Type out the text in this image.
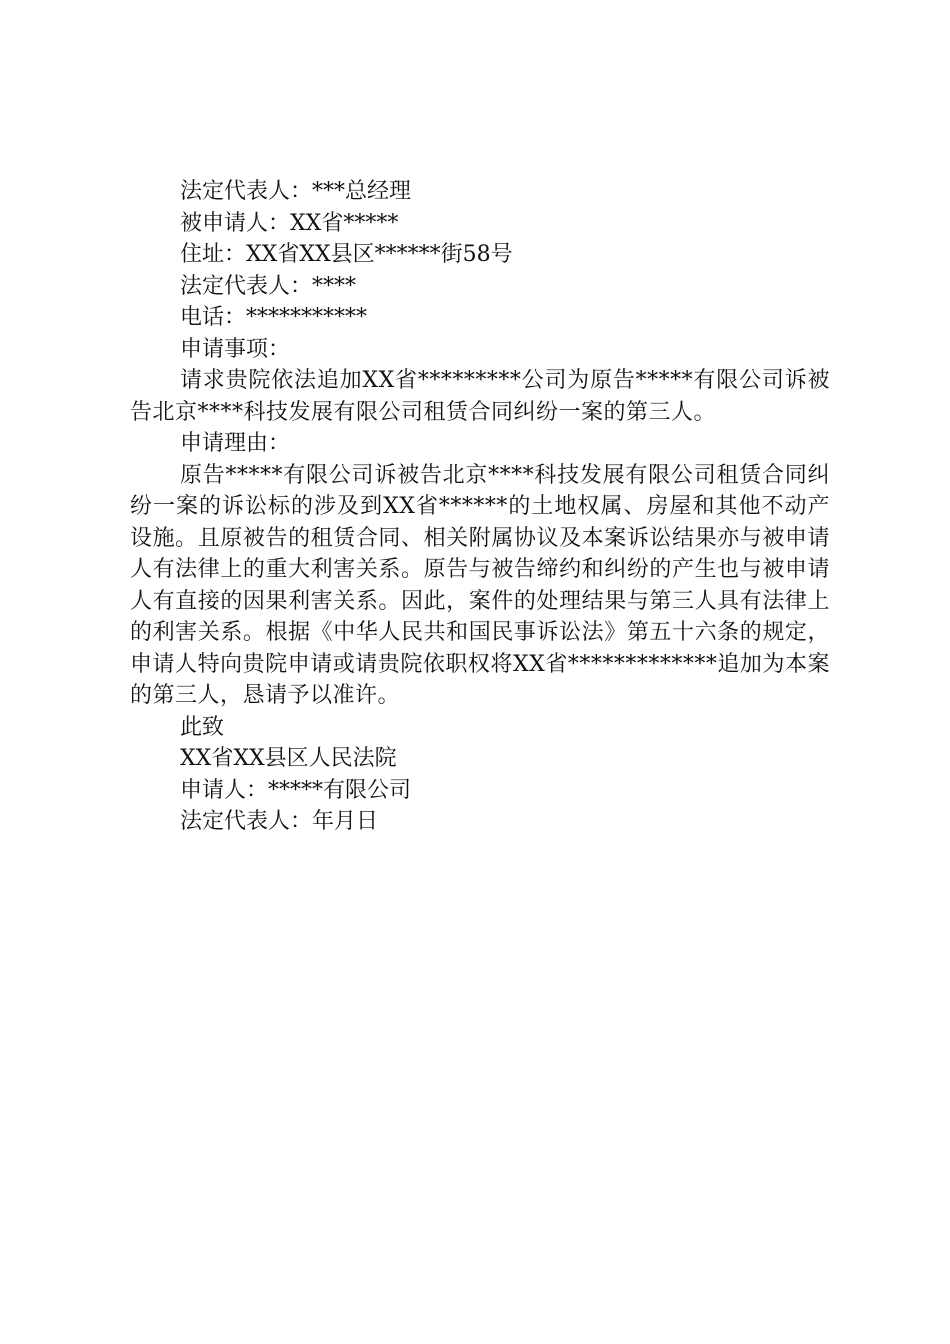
法定代表人：***总经理

被申请人：XX省*****

住址：XX省XX县区******街58号

法定代表人：****

电话：***********

申请事项：

请求贵院依法追加XX省*********公司为原告*****有限公司诉被告北京****科技发展有限公司租赁合同纠纷一案的第三人。

申请理由：

原告*****有限公司诉被告北京****科技发展有限公司租赁合同纠纷一案的诉讼标的涉及到XX省******的土地权属、房屋和其他不动产设施。且原被告的租赁合同、相关附属协议及本案诉讼结果亦与被申请人有法律上的重大利害关系。原告与被告缔约和纠纷的产生也与被申请人有直接的因果利害关系。因此，案件的处理结果与第三人具有法律上的利害关系。根据《中华人民共和国民事诉讼法》第五十六条的规定，申请人特向贵院申请或请贵院依职权将XX省*************追加为本案的第三人，恳请予以准许。

此致

XX省XX县区人民法院

申请人：*****有限公司

法定代表人：年月日
